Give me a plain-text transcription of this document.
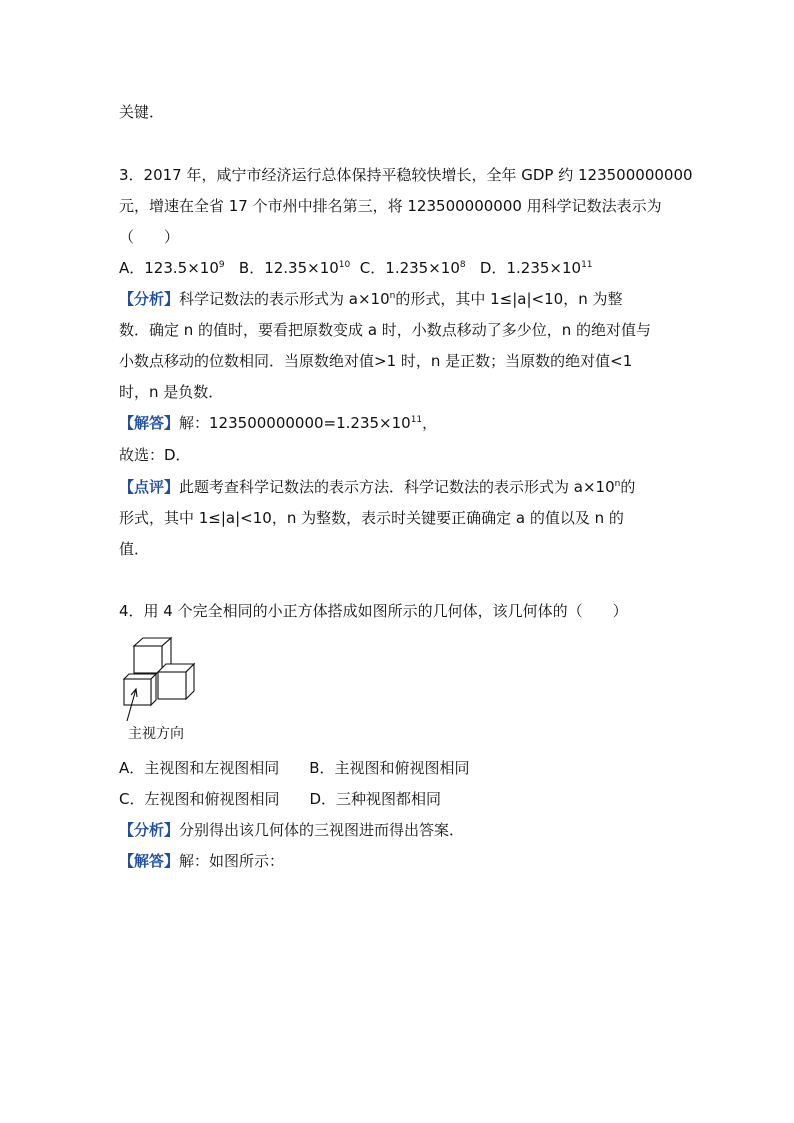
关键．
3．2017 年，咸宁市经济运行总体保持平稳较快增长，全年 GDP 约 123500000000
元，增速在全省 17 个市州中排名第三，将 123500000000 用科学记数法表示为
（　　）
A．$123.5\times 10^9$ B．$12.35\times 10^{10}$ C．$1.235\times 10^8$ D．$1.235\times 10^{11}$
【分析】科学记数法的表示形式为 $a\times 10^n$的形式，其中 1≤|a|<10，n 为整
数．确定 n 的值时，要看把原数变成 a 时，小数点移动了多少位，n 的绝对值与
小数点移动的位数相同．当原数绝对值>1 时，n 是正数；当原数的绝对值<1
时，n 是负数．
【解答】解：$123500000000=1.235\times 10^{11}$，
故选：D．
【点评】此题考查科学记数法的表示方法．科学记数法的表示形式为 $a\times 10^n$的
形式，其中 1≤|a|<10，n 为整数，表示时关键要正确确定 a 的值以及 n 的
值．
4．用 4 个完全相同的小正方体搭成如图所示的几何体，该几何体的（　　）
主视方向
A．主视图和左视图相同　　B．主视图和俯视图相同
C．左视图和俯视图相同　　D．三种视图都相同
【分析】分别得出该几何体的三视图进而得出答案．
【解答】解：如图所示：
